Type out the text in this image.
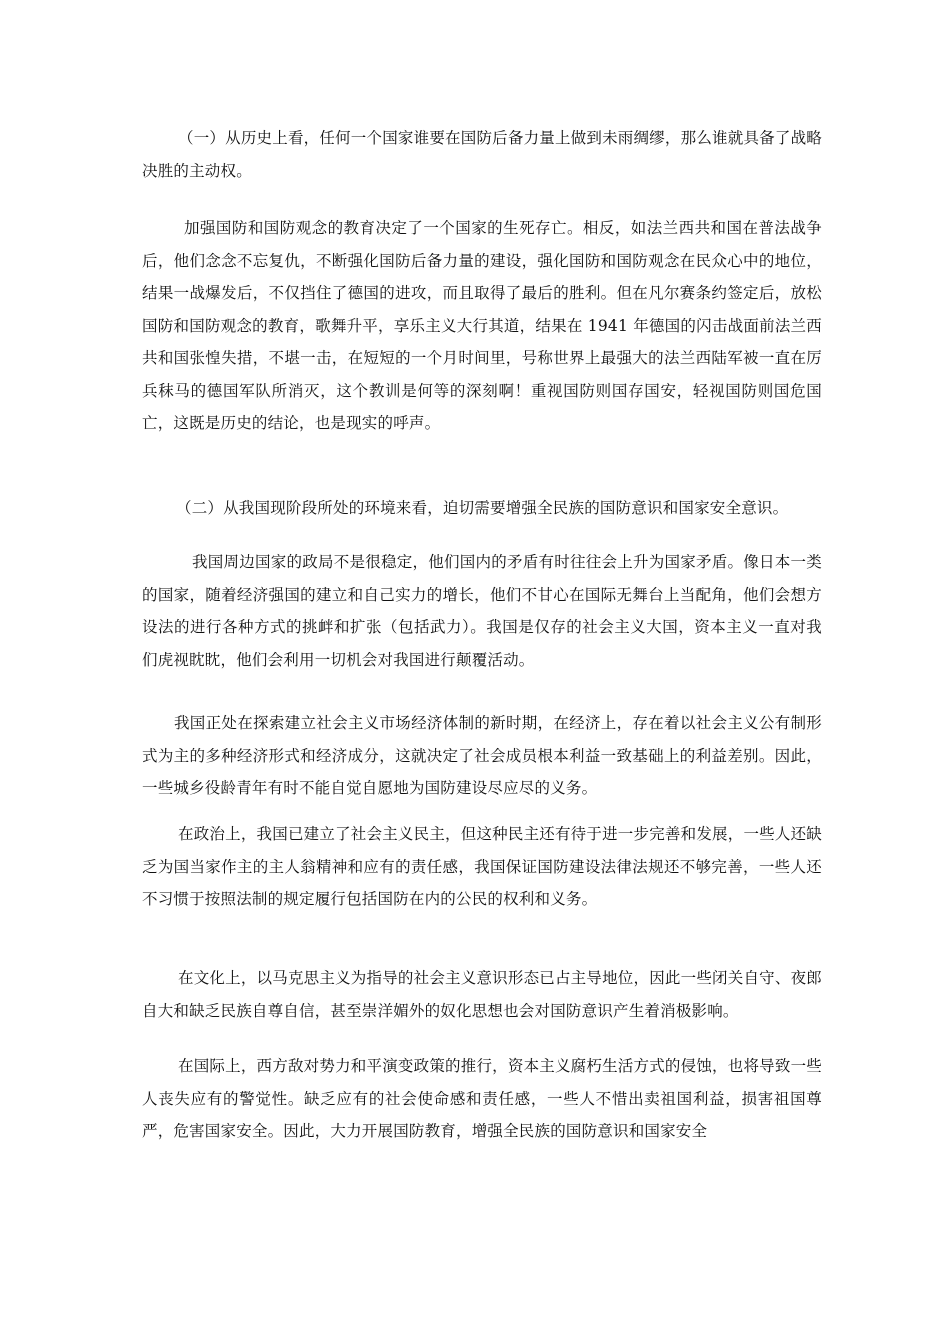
（一）从历史上看，任何一个国家谁要在国防后备力量上做到未雨绸缪，那么谁就具备了战略决胜的主动权。

加强国防和国防观念的教育决定了一个国家的生死存亡。相反，如法兰西共和国在普法战争后，他们念念不忘复仇，不断强化国防后备力量的建设，强化国防和国防观念在民众心中的地位，结果一战爆发后，不仅挡住了德国的进攻，而且取得了最后的胜利。但在凡尔赛条约签定后，放松国防和国防观念的教育，歌舞升平，享乐主义大行其道，结果在 1941 年德国的闪击战面前法兰西共和国张惶失措，不堪一击，在短短的一个月时间里，号称世界上最强大的法兰西陆军被一直在厉兵秣马的德国军队所消灭，这个教训是何等的深刻啊！重视国防则国存国安，轻视国防则国危国亡，这既是历史的结论，也是现实的呼声。

（二）从我国现阶段所处的环境来看，迫切需要增强全民族的国防意识和国家安全意识。

我国周边国家的政局不是很稳定，他们国内的矛盾有时往往会上升为国家矛盾。像日本一类的国家，随着经济强国的建立和自己实力的增长，他们不甘心在国际无舞台上当配角，他们会想方设法的进行各种方式的挑衅和扩张（包括武力）。我国是仅存的社会主义大国，资本主义一直对我们虎视眈眈，他们会利用一切机会对我国进行颠覆活动。

我国正处在探索建立社会主义市场经济体制的新时期，在经济上，存在着以社会主义公有制形式为主的多种经济形式和经济成分，这就决定了社会成员根本利益一致基础上的利益差别。因此，一些城乡役龄青年有时不能自觉自愿地为国防建设尽应尽的义务。

在政治上，我国已建立了社会主义民主，但这种民主还有待于进一步完善和发展，一些人还缺乏为国当家作主的主人翁精神和应有的责任感，我国保证国防建设法律法规还不够完善，一些人还不习惯于按照法制的规定履行包括国防在内的公民的权利和义务。

在文化上，以马克思主义为指导的社会主义意识形态已占主导地位，因此一些闭关自守、夜郎自大和缺乏民族自尊自信，甚至崇洋媚外的奴化思想也会对国防意识产生着消极影响。

在国际上，西方敌对势力和平演变政策的推行，资本主义腐朽生活方式的侵蚀，也将导致一些人丧失应有的警觉性。缺乏应有的社会使命感和责任感，一些人不惜出卖祖国利益，损害祖国尊严，危害国家安全。因此，大力开展国防教育，增强全民族的国防意识和国家安全
